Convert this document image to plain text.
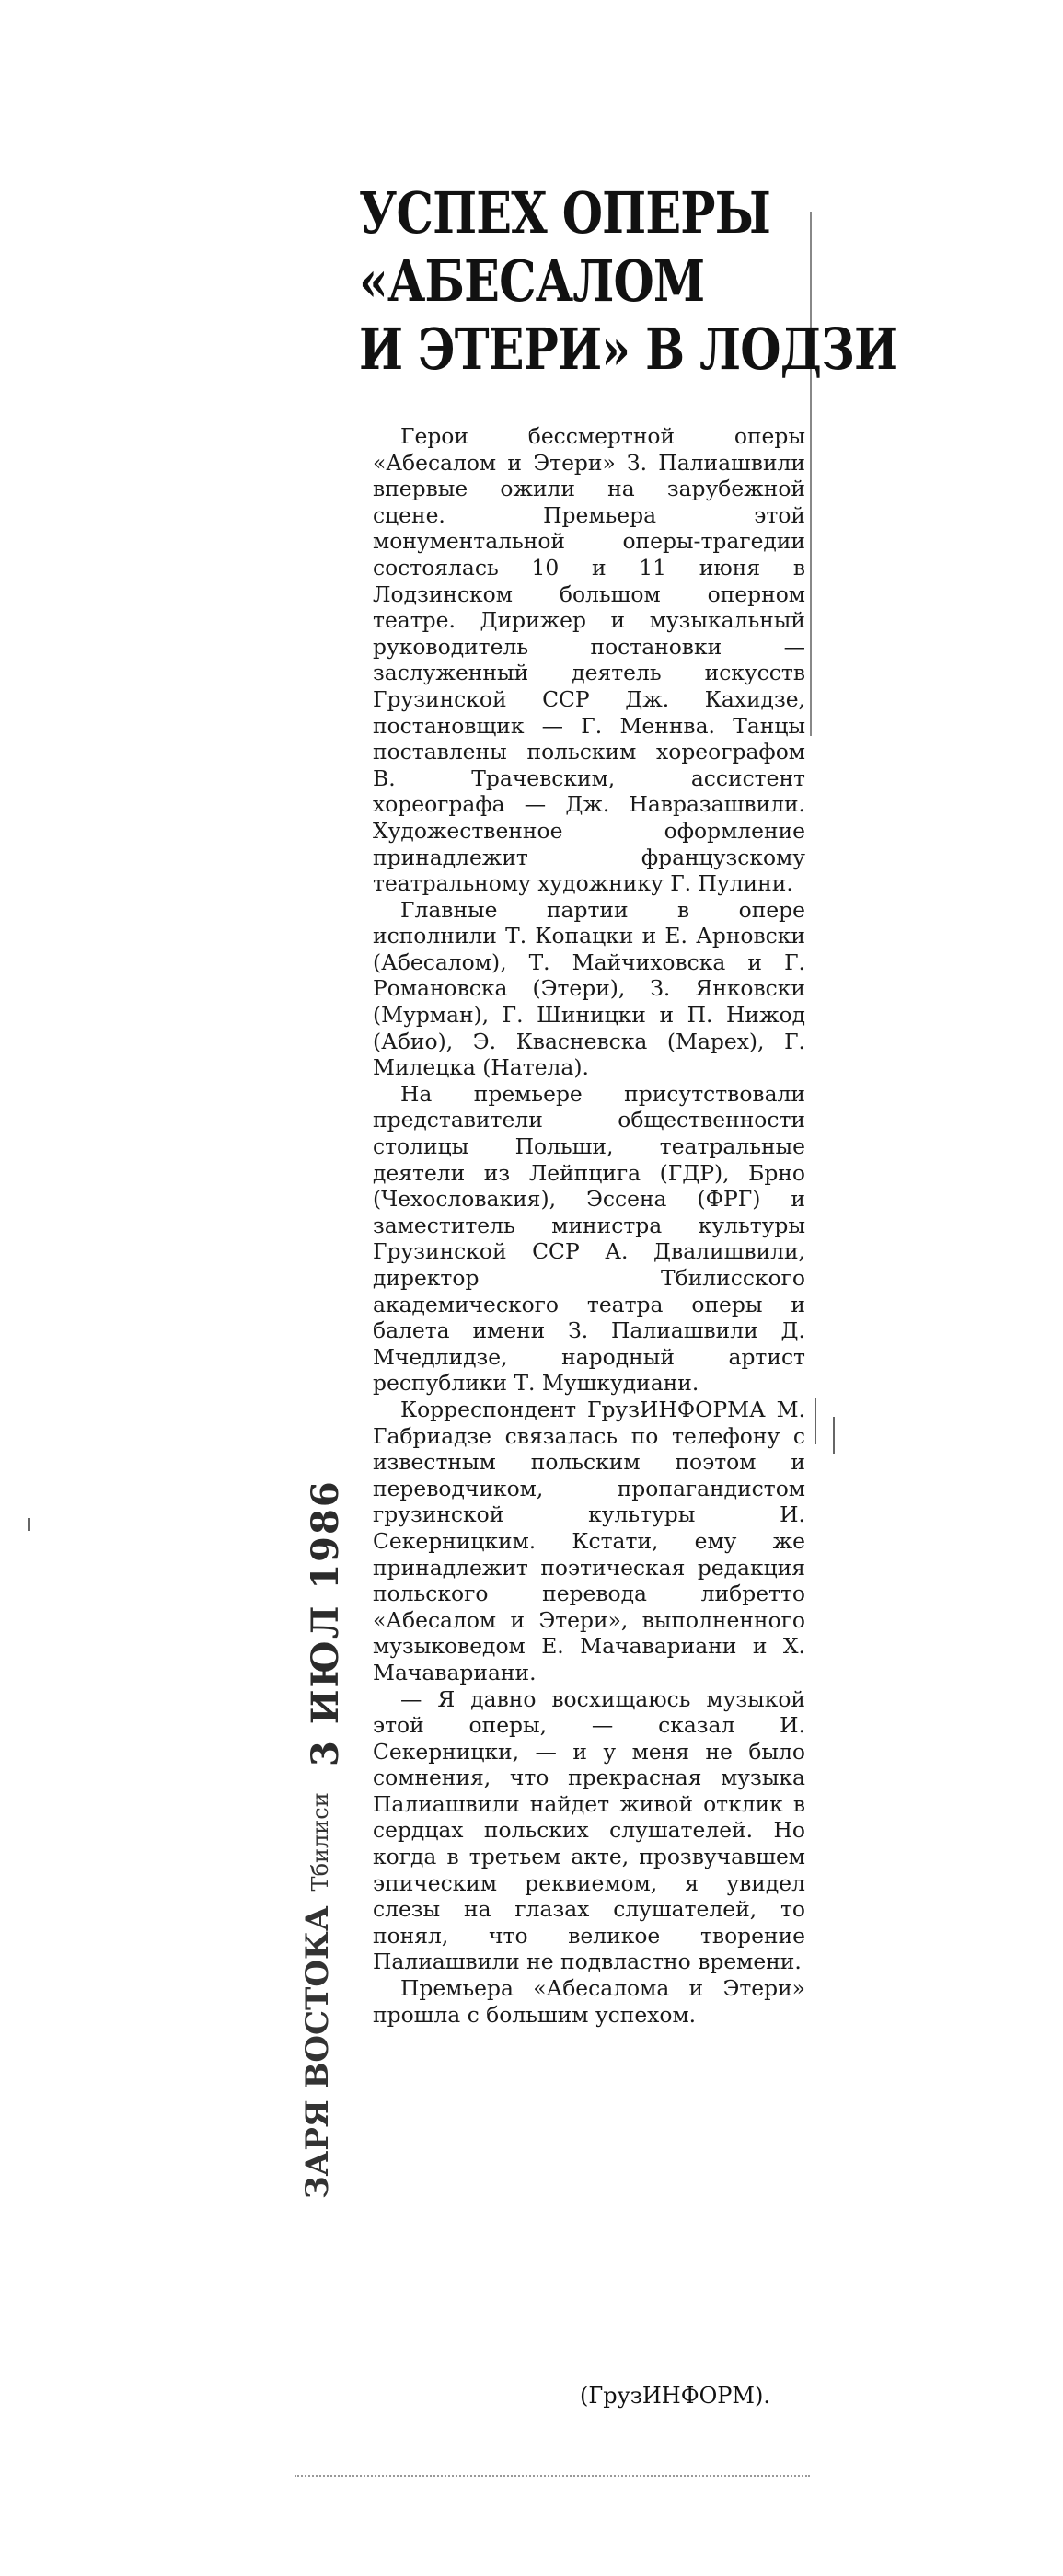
УСПЕХ ОПЕРЫ
«АБЕСАЛОМ
И ЭТЕРИ» В ЛОДЗИ

Герои бессмертной оперы «Абесалом и Этери» З. Палиашвили впервые ожили на зарубежной сцене. Премьера этой монументальной оперы-трагедии состоялась 10 и 11 июня в Лодзинском большом оперном театре. Дирижер и музыкальный руководитель постановки — заслуженный деятель искусств Грузинской ССР Дж. Кахидзе, постановщик — Г. Меннва. Танцы поставлены польским хореографом В. Трачевским, ассистент хореографа — Дж. Навразашвили. Художественное оформление принадлежит французскому театральному художнику Г. Пулини.

Главные партии в опере исполнили Т. Копацки и Е. Арновски (Абесалом), Т. Майчиховска и Г. Романовска (Этери), З. Янковски (Мурман), Г. Шиницки и П. Нижод (Абио), Э. Квасневска (Марех), Г. Милецка (Натела).

На премьере присутствовали представители общественности столицы Польши, театральные деятели из Лейпцига (ГДР), Брно (Чехословакия), Эссена (ФРГ) и заместитель министра культуры Грузинской ССР А. Двалишвили, директор Тбилисского академического театра оперы и балета имени З. Палиашвили Д. Мчедлидзе, народный артист республики Т. Мушкудиани.

Корреспондент ГрузИНФОРМА М. Габриадзе связалась по телефону с известным польским поэтом и переводчиком, пропагандистом грузинской культуры И. Секерницким. Кстати, ему же принадлежит поэтическая редакция польского перевода либретто «Абесалом и Этери», выполненного музыковедом Е. Мачавариани и Х. Мачавариани.

— Я давно восхищаюсь музыкой этой оперы, — сказал И. Секерницки, — и у меня не было сомнения, что прекрасная музыка Палиашвили найдет живой отклик в сердцах польских слушателей. Но когда в третьем акте, прозвучавшем эпическим реквиемом, я увидел слезы на глазах слушателей, то понял, что великое творение Палиашвили не подвластно времени.

Премьера «Абесалома и Этери» прошла с большим успехом.

(ГрузИНФОРМ).
3 ИЮЛ 1986
ЗАРЯ ВОСТОКАТбилиси
